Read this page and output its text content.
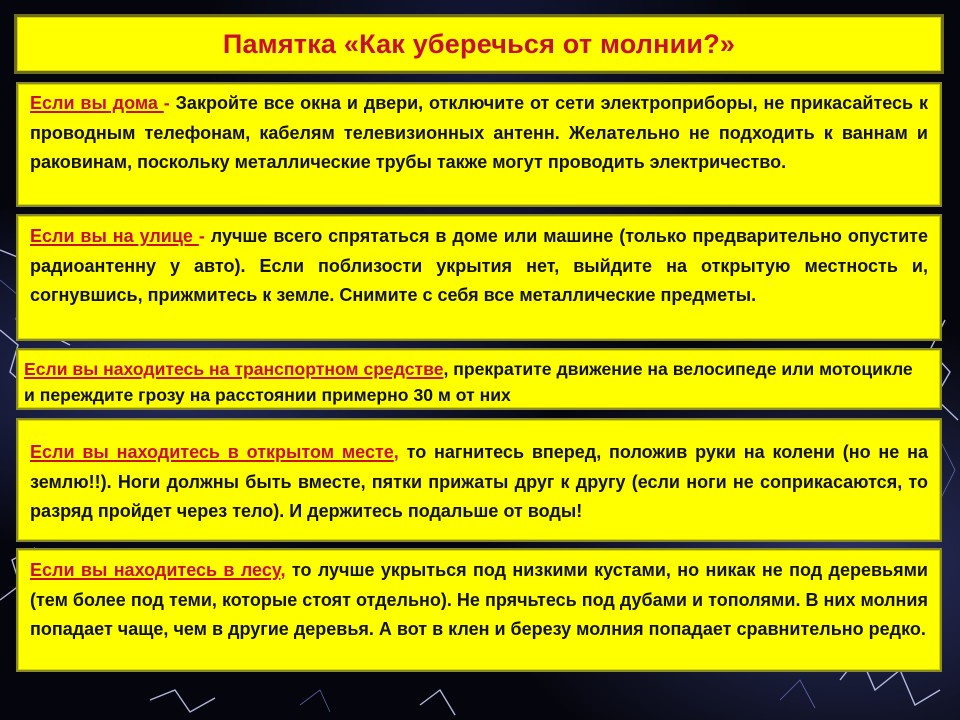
Памятка «Как уберечься от молнии?»

Если вы дома - Закройте все окна и двери, отключите от сети электроприборы, не прикасайтесь к проводным телефонам, кабелям телевизионных антенн. Желательно не подходить к ваннам и раковинам, поскольку металлические трубы также могут проводить электричество.

Если вы на улице - лучше всего спрятаться в доме или машине (только предварительно опустите радиоантенну у авто). Если поблизости укрытия нет, выйдите на открытую местность и, согнувшись, прижмитесь к земле. Снимите с себя все металлические предметы.

Если вы находитесь на транспортном средстве, прекратите движение на велосипеде или мотоцикле и переждите грозу на расстоянии примерно 30 м от них

Если вы находитесь в открытом месте, то нагнитесь вперед, положив руки на колени (но не на землю!!). Ноги должны быть вместе, пятки прижаты друг к другу (если ноги не соприкасаются, то разряд пройдет через тело). И держитесь подальше от воды!

Если вы находитесь в лесу, то лучше укрыться под низкими кустами, но никак не под деревьями (тем более под теми, которые стоят отдельно). Не прячьтесь под дубами и тополями. В них молния попадает чаще, чем в другие деревья. А вот в клен и березу молния попадает сравнительно редко.
